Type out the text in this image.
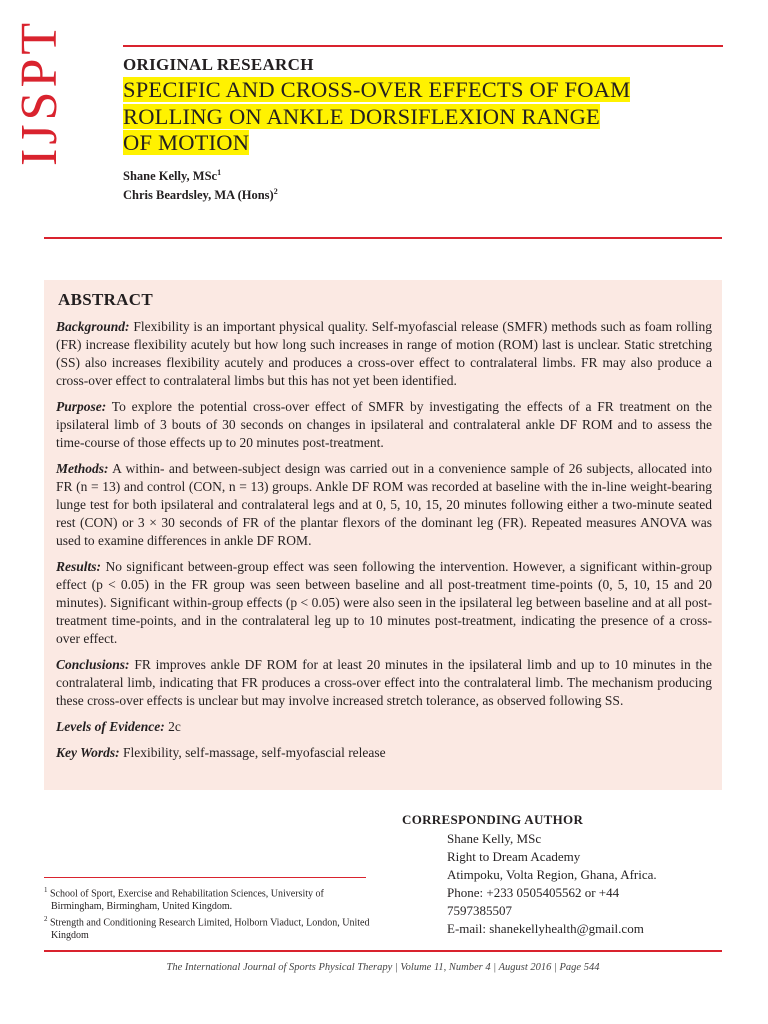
IJSPT	ORIGINAL RESEARCH
SPECIFIC AND CROSS-OVER EFFECTS OF FOAM
ROLLING ON ANKLE DORSIFLEXION RANGE
OF MOTION
Shane Kelly, MSc$^1$
Chris Beardsley, MA (Hons)$^2$
ABSTRACT

Background: Flexibility is an important physical quality. Self-myofascial release (SMFR) methods such as foam rolling (FR) increase flexibility acutely but how long such increases in range of motion (ROM) last is unclear. Static stretching (SS) also increases flexibility acutely and produces a cross-over effect to contralateral limbs. FR may also produce a cross-over effect to contralateral limbs but this has not yet been identified.

Purpose: To explore the potential cross-over effect of SMFR by investigating the effects of a FR treatment on the ipsilateral limb of 3 bouts of 30 seconds on changes in ipsilateral and contralateral ankle DF ROM and to assess the time-course of those effects up to 20 minutes post-treatment.

Methods: A within- and between-subject design was carried out in a convenience sample of 26 subjects, allocated into FR (n = 13) and control (CON, n = 13) groups. Ankle DF ROM was recorded at baseline with the in-line weight-bearing lunge test for both ipsilateral and contralateral legs and at 0, 5, 10, 15, 20 minutes following either a two-minute seated rest (CON) or 3 × 30 seconds of FR of the plantar flexors of the dominant leg (FR). Repeated measures ANOVA was used to examine differences in ankle DF ROM.

Results: No significant between-group effect was seen following the intervention. However, a significant within-group effect (p < 0.05) in the FR group was seen between baseline and all post-treatment time-points (0, 5, 10, 15 and 20 minutes). Significant within-group effects (p < 0.05) were also seen in the ipsilateral leg between baseline and at all post-treatment time-points, and in the contralateral leg up to 10 minutes post-treatment, indicating the presence of a cross-over effect.

Conclusions: FR improves ankle DF ROM for at least 20 minutes in the ipsilateral limb and up to 10 minutes in the contralateral limb, indicating that FR produces a cross-over effect into the contralateral limb. The mechanism producing these cross-over effects is unclear but may involve increased stretch tolerance, as observed following SS.

Levels of Evidence: 2c

Key Words: Flexibility, self-massage, self-myofascial release

CORRESPONDING AUTHOR
Shane Kelly, MSc
Right to Dream Academy
Atimpoku, Volta Region, Ghana, Africa.
Phone: +233 0505405562 or +44
7597385507
E-mail: shanekellyhealth@gmail.com
$^1$ School of Sport, Exercise and Rehabilitation Sciences, University of Birmingham, Birmingham, United Kingdom.
$^2$ Strength and Conditioning Research Limited, Holborn Viaduct, London, United Kingdom
The International Journal of Sports Physical Therapy | Volume 11, Number 4 | August 2016 | Page 544
